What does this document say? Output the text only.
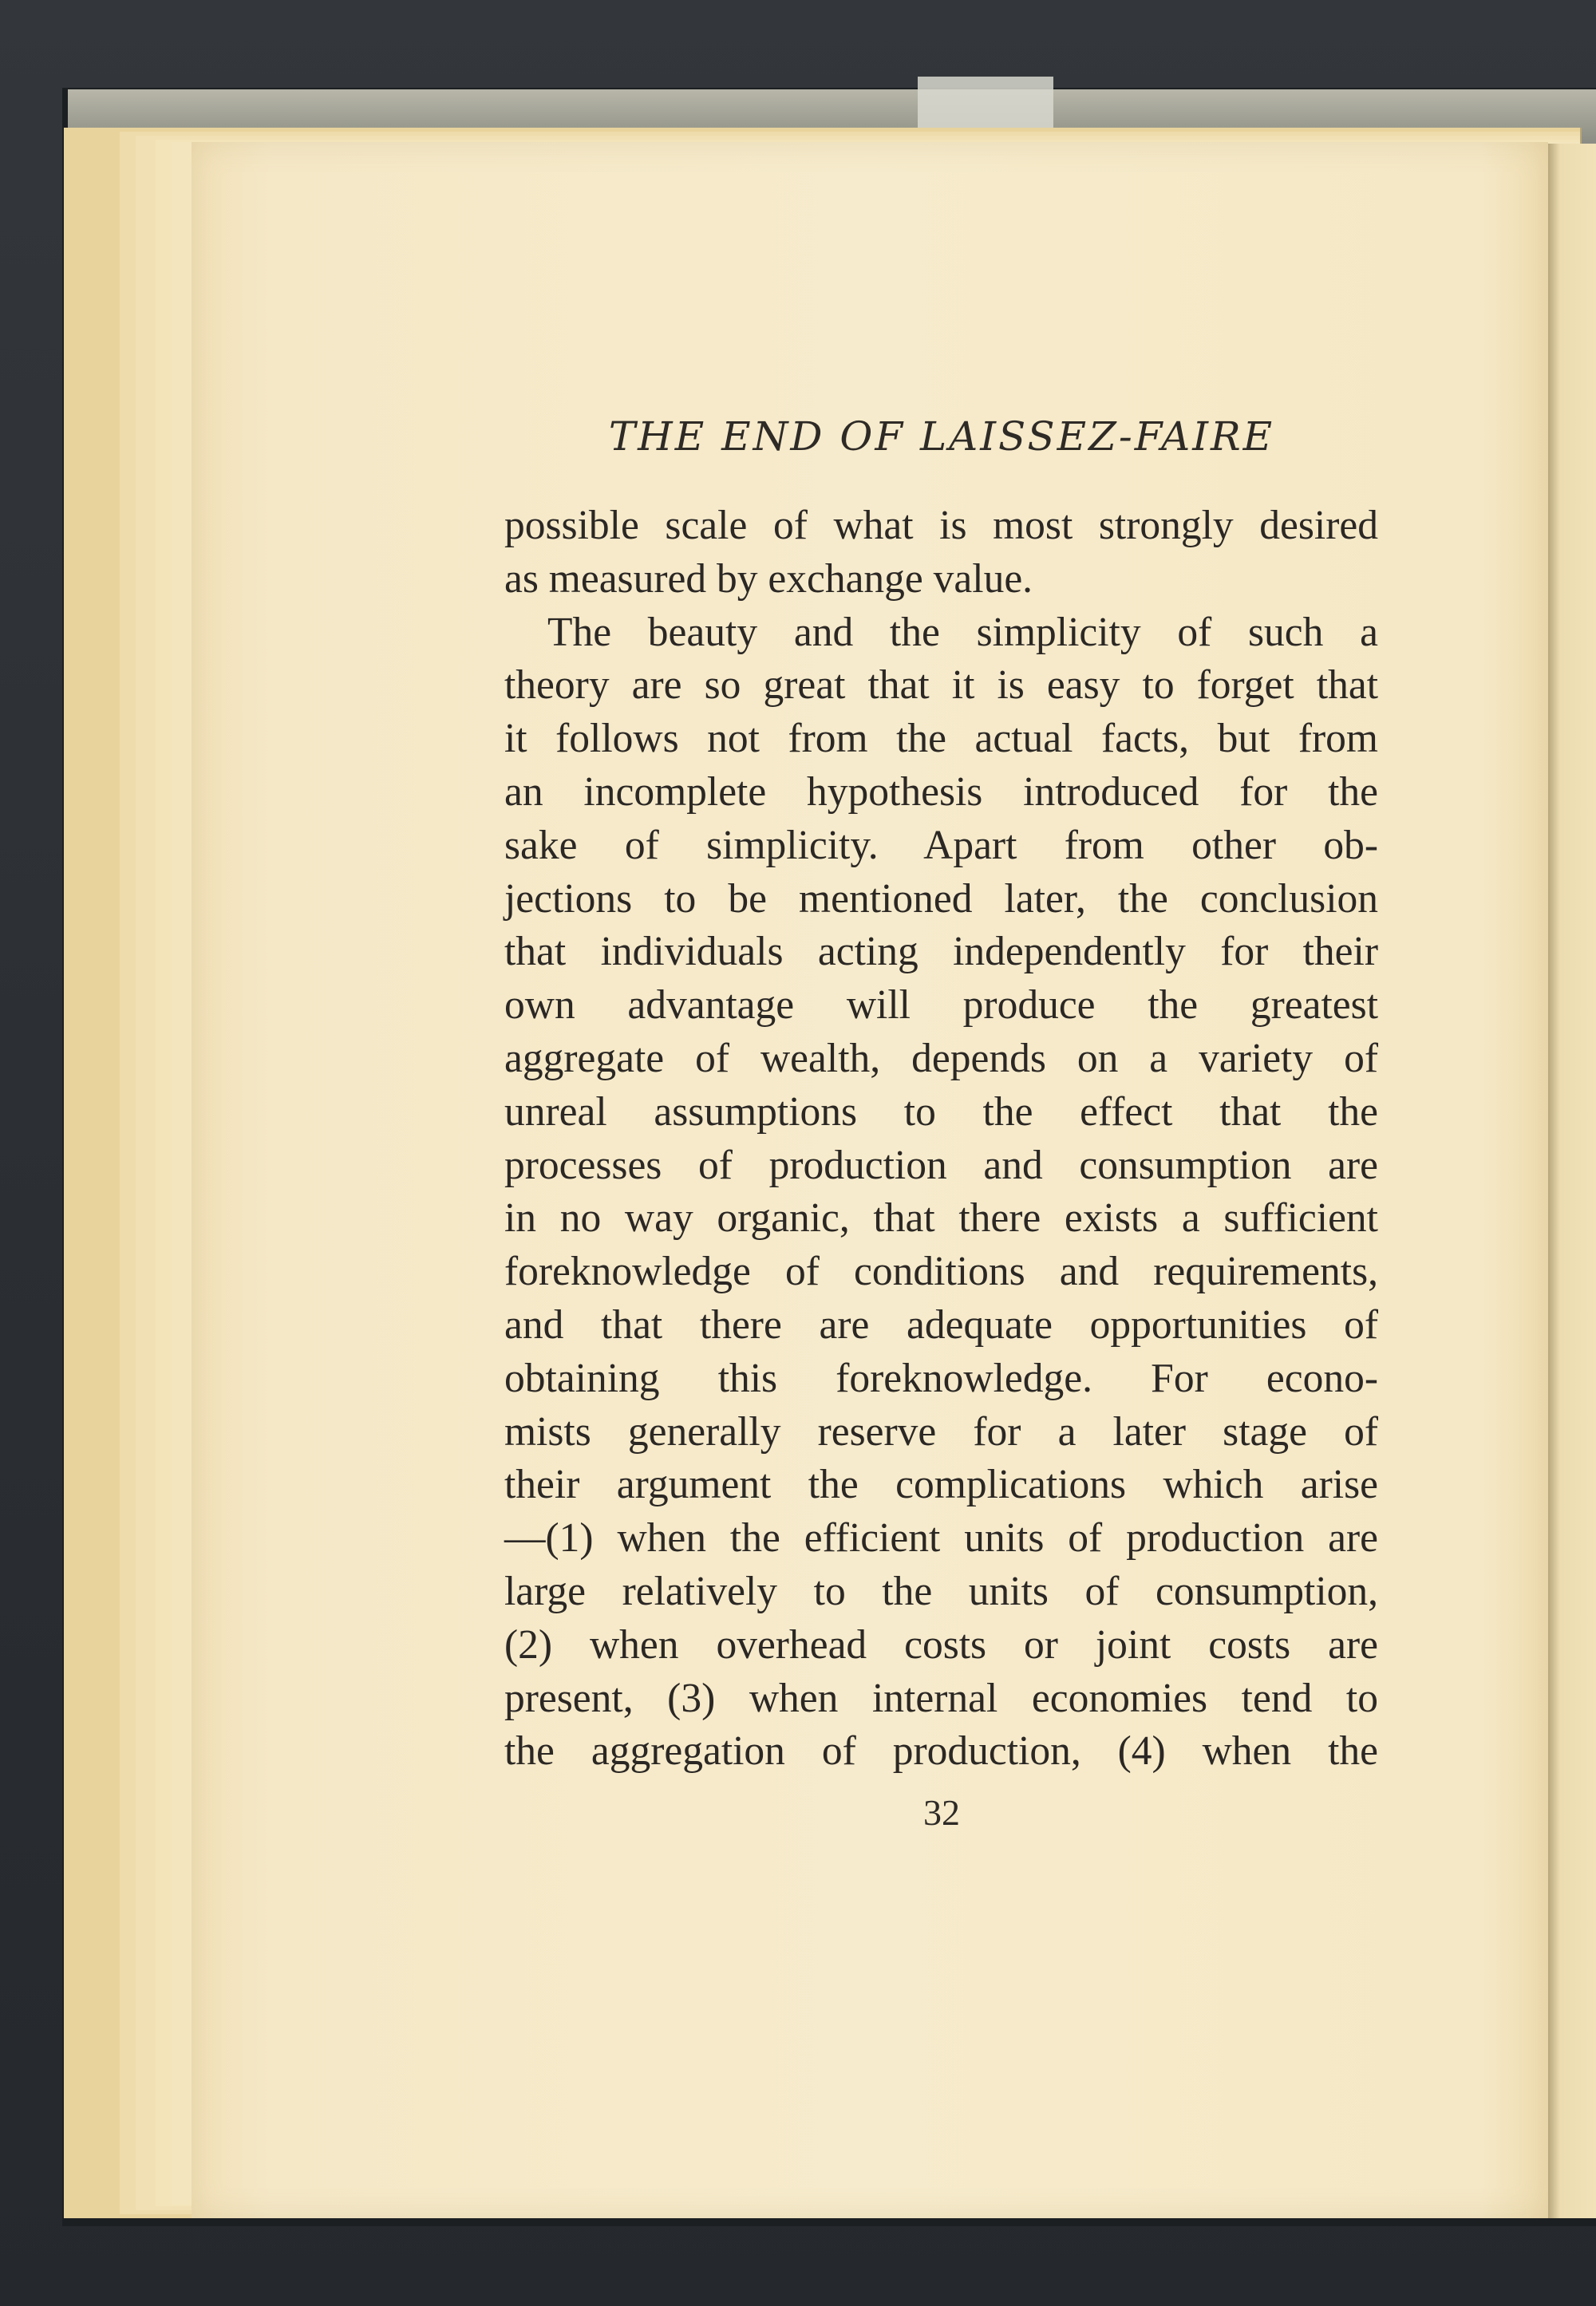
THE END OF LAISSEZ-FAIRE
possible scale of what is most strongly desired
as measured by exchange value.
The beauty and the simplicity of such a
theory are so great that it is easy to forget that
it follows not from the actual facts, but from
an incomplete hypothesis introduced for the
sake of simplicity. Apart from other ob-
jections to be mentioned later, the conclusion
that individuals acting independently for their
own advantage will produce the greatest
aggregate of wealth, depends on a variety of
unreal assumptions to the effect that the
processes of production and consumption are
in no way organic, that there exists a sufficient
foreknowledge of conditions and requirements,
and that there are adequate opportunities of
obtaining this foreknowledge. For econo-
mists generally reserve for a later stage of
their argument the complications which arise
—(1) when the efficient units of production are
large relatively to the units of consumption,
(2) when overhead costs or joint costs are
present, (3) when internal economies tend to
the aggregation of production, (4) when the

32
